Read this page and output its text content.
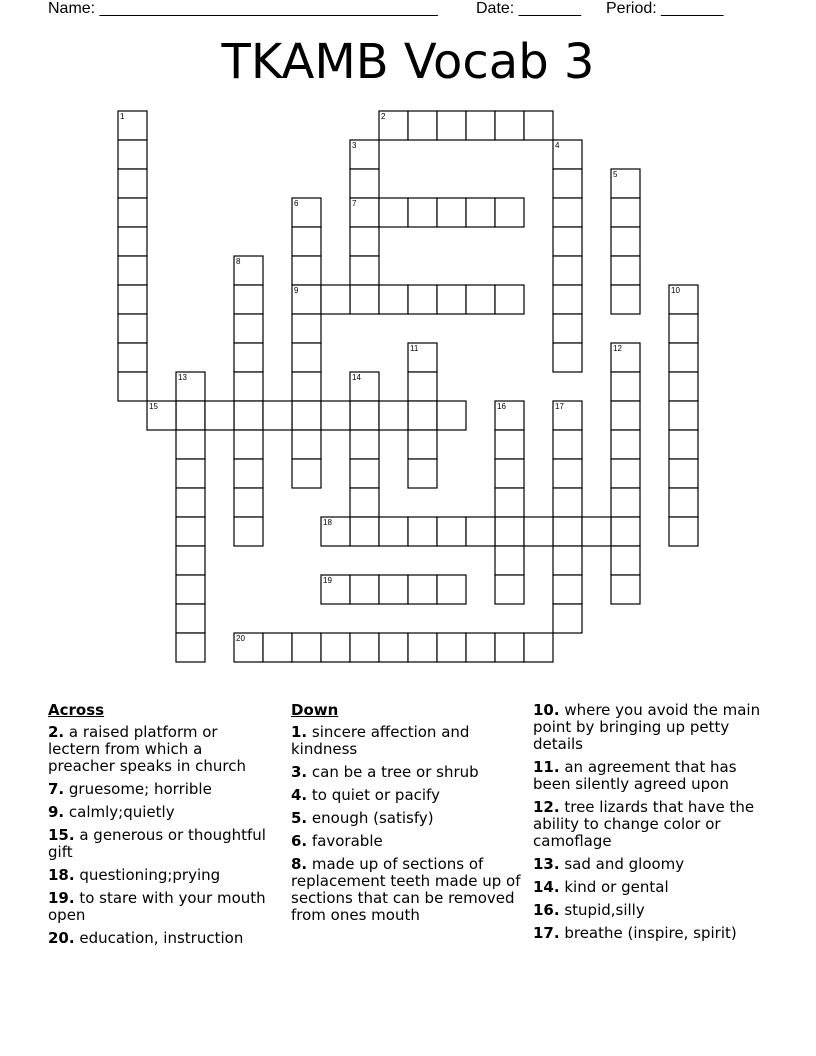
Name: ______________________________________ Date: _______ Period: _______
TKAMB Vocab 3
1	2
3
7
4
5
6
9
8
10
11	12
13	14
15	16	17
18
19
20
Across
2. a raised platform or lectern from which a preacher speaks in church
7. gruesome; horrible
9. calmly;quietly
15. a generous or thoughtful gift
18. questioning;prying
19. to stare with your mouth open
20. education, instruction
Down
1. sincere affection and kindness
3. can be a tree or shrub
4. to quiet or pacify
5. enough (satisfy)
6. favorable
8. made up of sections of replacement teeth made up of sections that can be removed from ones mouth
10. where you avoid the main point by bringing up petty details
11. an agreement that has been silently agreed upon
12. tree lizards that have the ability to change color or camoflage
13. sad and gloomy
14. kind or gental
16. stupid,silly
17. breathe (inspire, spirit)
